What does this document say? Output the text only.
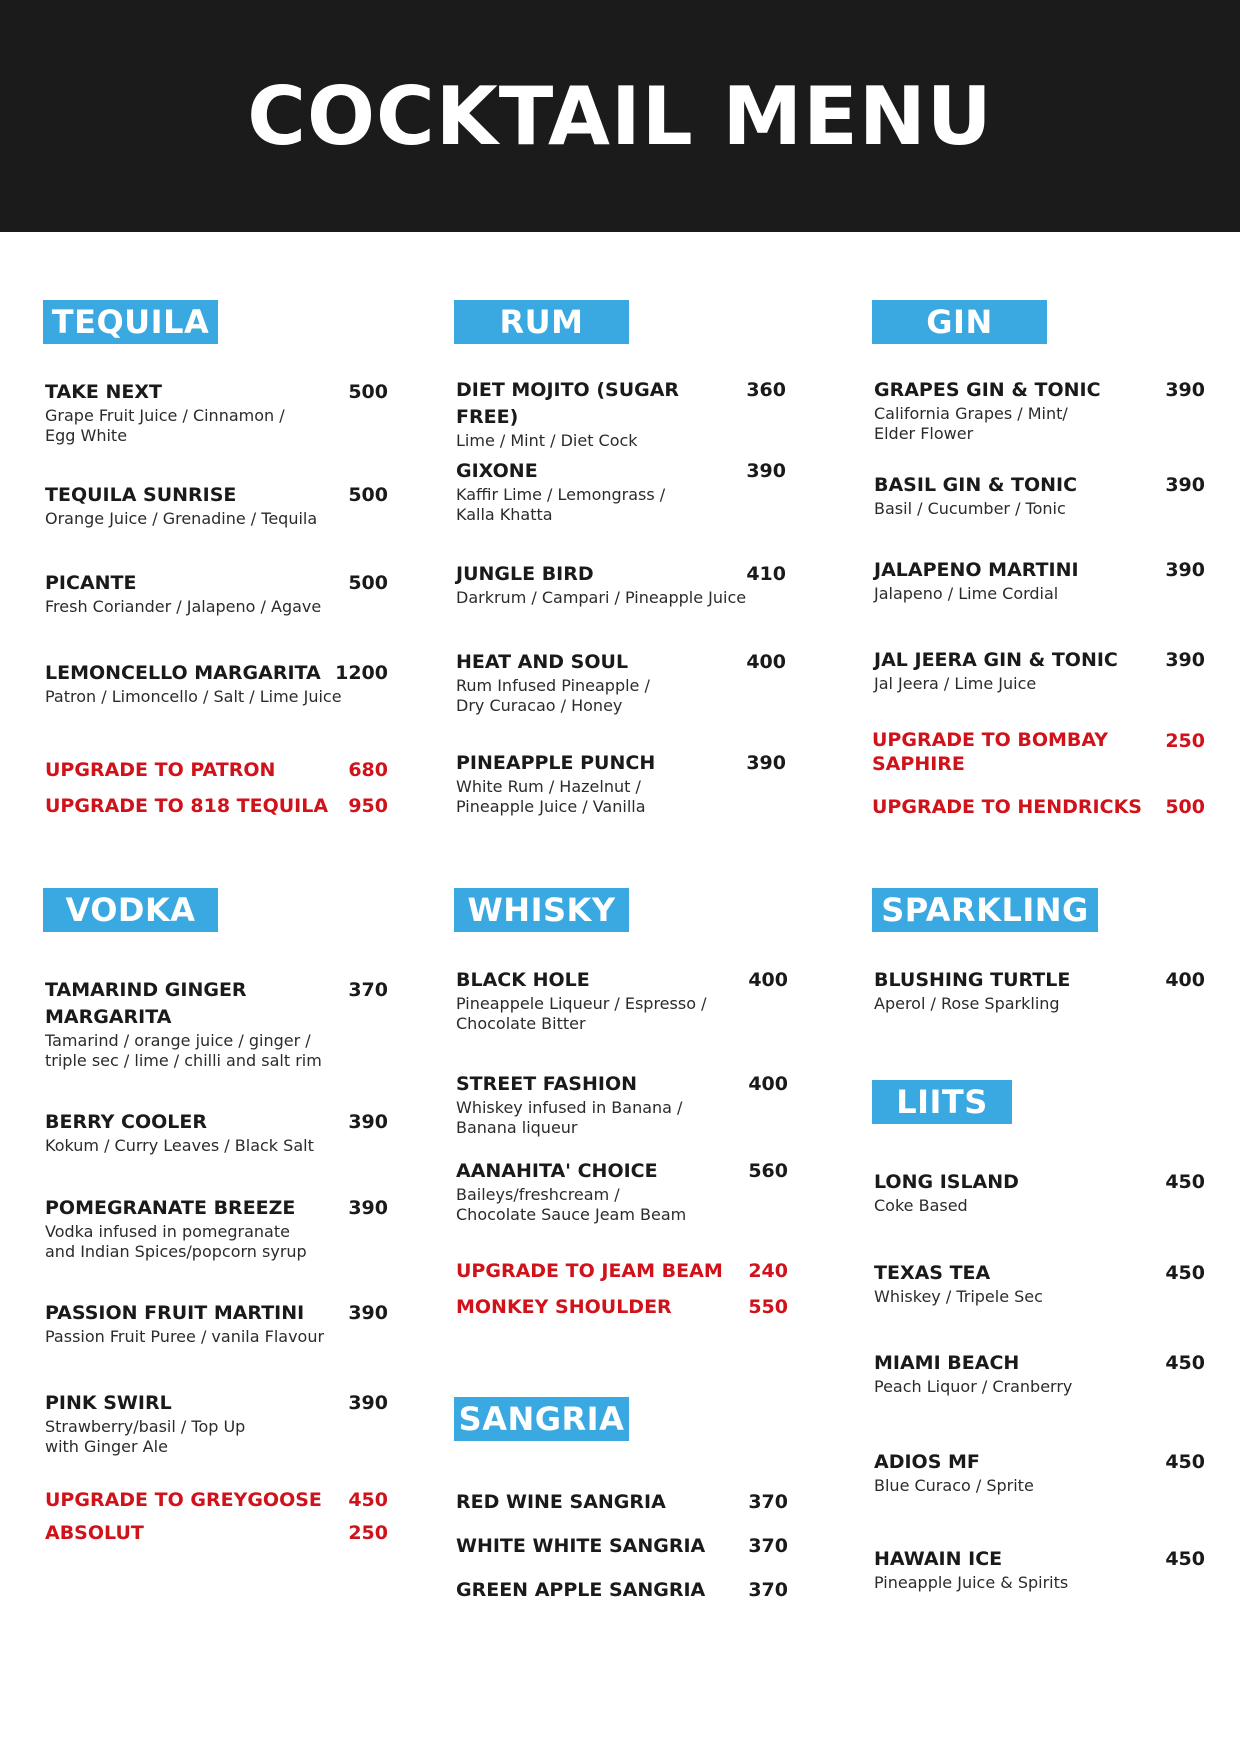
COCKTAIL MENU
TEQUILA
TAKE NEXT	500
Grape Fruit Juice / Cinnamon /
Egg White
TEQUILA SUNRISE	500
Orange Juice / Grenadine / Tequila
PICANTE	500
Fresh Coriander / Jalapeno / Agave
LEMONCELLO MARGARITA 1200
Patron / Limoncello / Salt / Lime Juice
UPGRADE TO PATRON	680
UPGRADE TO 818 TEQUILA	950
RUM
DIET MOJITO (SUGAR FREE)
360
Lime / Mint / Diet Cock
GIXONE	390
Kaffir Lime / Lemongrass /
Kalla Khatta
JUNGLE BIRD	410
Darkrum / Campari / Pineapple Juice
HEAT AND SOUL	400
Rum Infused Pineapple /
Dry Curacao / Honey
PINEAPPLE PUNCH	390
White Rum / Hazelnut /
Pineapple Juice / Vanilla
GIN
GRAPES GIN & TONIC	390
California Grapes / Mint/
Elder Flower
BASIL GIN & TONIC	390
Basil / Cucumber / Tonic
JALAPENO MARTINI	390
Jalapeno / Lime Cordial
JAL JEERA GIN & TONIC	390
Jal Jeera / Lime Juice
UPGRADE TO BOMBAY
SAPHIRE
250
UPGRADE TO HENDRICKS	500
VODKA
TAMARIND GINGER
MARGARITA
370
Tamarind / orange juice / ginger /
triple sec / lime / chilli and salt rim
BERRY COOLER	390
Kokum / Curry Leaves / Black Salt
POMEGRANATE BREEZE	390
Vodka infused in pomegranate
and Indian Spices/popcorn syrup
PASSION FRUIT MARTINI	390
Passion Fruit Puree / vanila Flavour
PINK SWIRL	390
Strawberry/basil / Top Up
with Ginger Ale
UPGRADE TO GREYGOOSE	450
ABSOLUT	250
WHISKY
BLACK HOLE	400
Pineappele Liqueur / Espresso /
Chocolate Bitter
STREET FASHION	400
Whiskey infused in Banana /
Banana liqueur
AANAHITA' CHOICE	560
Baileys/freshcream /
Chocolate Sauce Jeam Beam
UPGRADE TO JEAM BEAM	240
MONKEY SHOULDER	550
SANGRIA
RED WINE SANGRIA	370
WHITE WHITE SANGRIA	370
GREEN APPLE SANGRIA	370
SPARKLING
BLUSHING TURTLE	400
Aperol / Rose Sparkling
LIITS
LONG ISLAND	450
Coke Based
TEXAS TEA	450
Whiskey / Tripele Sec
MIAMI BEACH	450
Peach Liquor / Cranberry
ADIOS MF	450
Blue Curaco / Sprite
HAWAIN ICE	450
Pineapple Juice & Spirits
